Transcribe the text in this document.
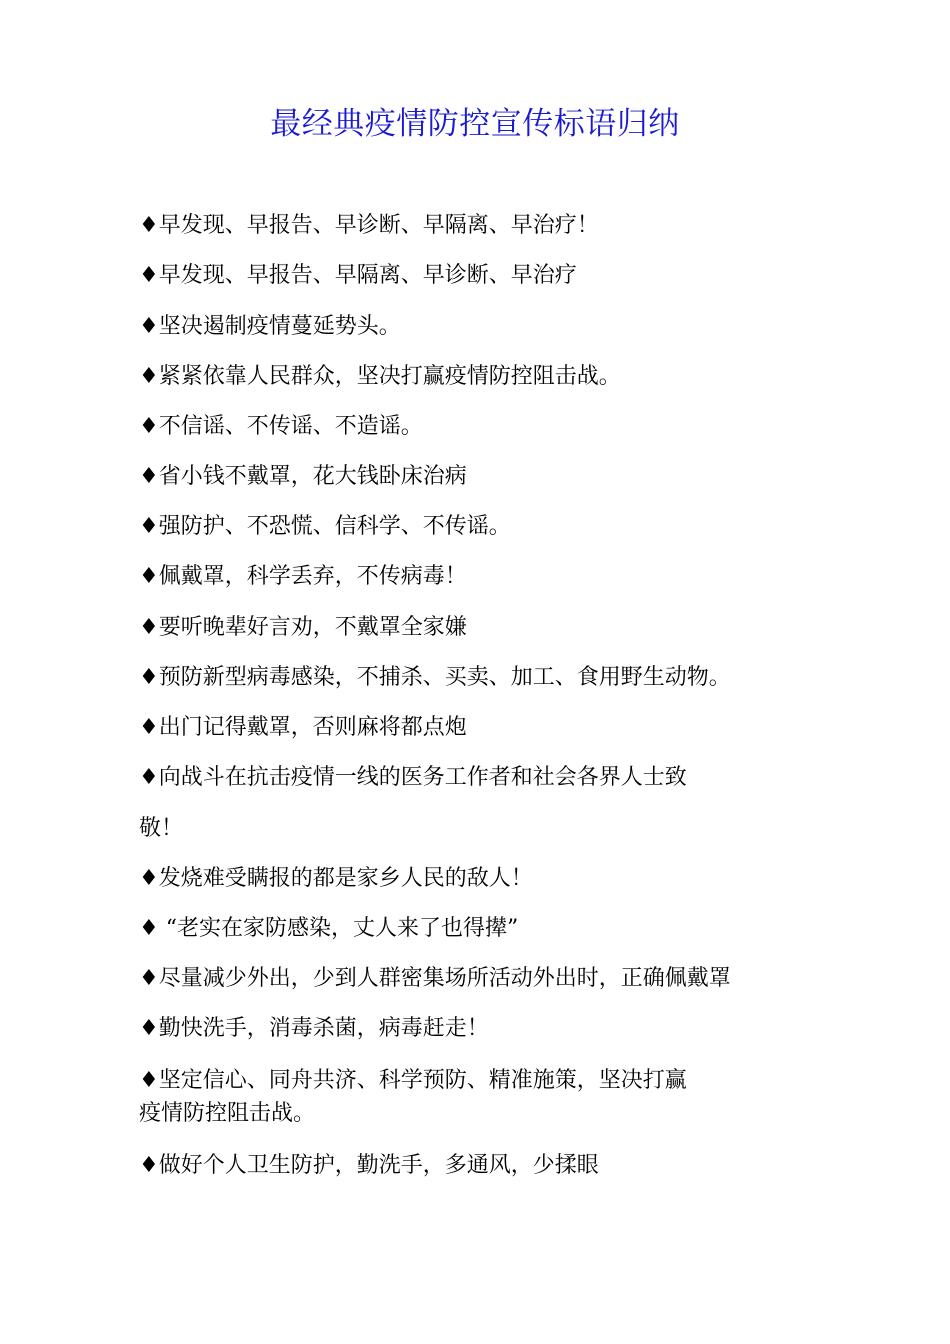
最经典疫情防控宣传标语归纳
♦早发现、早报告、早诊断、早隔离、早治疗！
♦早发现、早报告、早隔离、早诊断、早治疗
♦坚决遏制疫情蔓延势头。
♦紧紧依靠人民群众，坚决打赢疫情防控阻击战。
♦不信谣、不传谣、不造谣。
♦省小钱不戴罩，花大钱卧床治病
♦强防护、不恐慌、信科学、不传谣。
♦佩戴罩，科学丢弃，不传病毒！
♦要听晚辈好言劝，不戴罩全家嫌
♦预防新型病毒感染，不捕杀、买卖、加工、食用野生动物。
♦出门记得戴罩，否则麻将都点炮
♦向战斗在抗击疫情一线的医务工作者和社会各界人士致
敬！
♦发烧难受瞒报的都是家乡人民的敌人！
♦ “老实在家防感染，丈人来了也得撵”
♦尽量减少外出，少到人群密集场所活动外出时，正确佩戴罩
♦勤快洗手，消毒杀菌，病毒赶走！
♦坚定信心、同舟共济、科学预防、精准施策，坚决打赢
疫情防控阻击战。
♦做好个人卫生防护，勤洗手，多通风，少揉眼
